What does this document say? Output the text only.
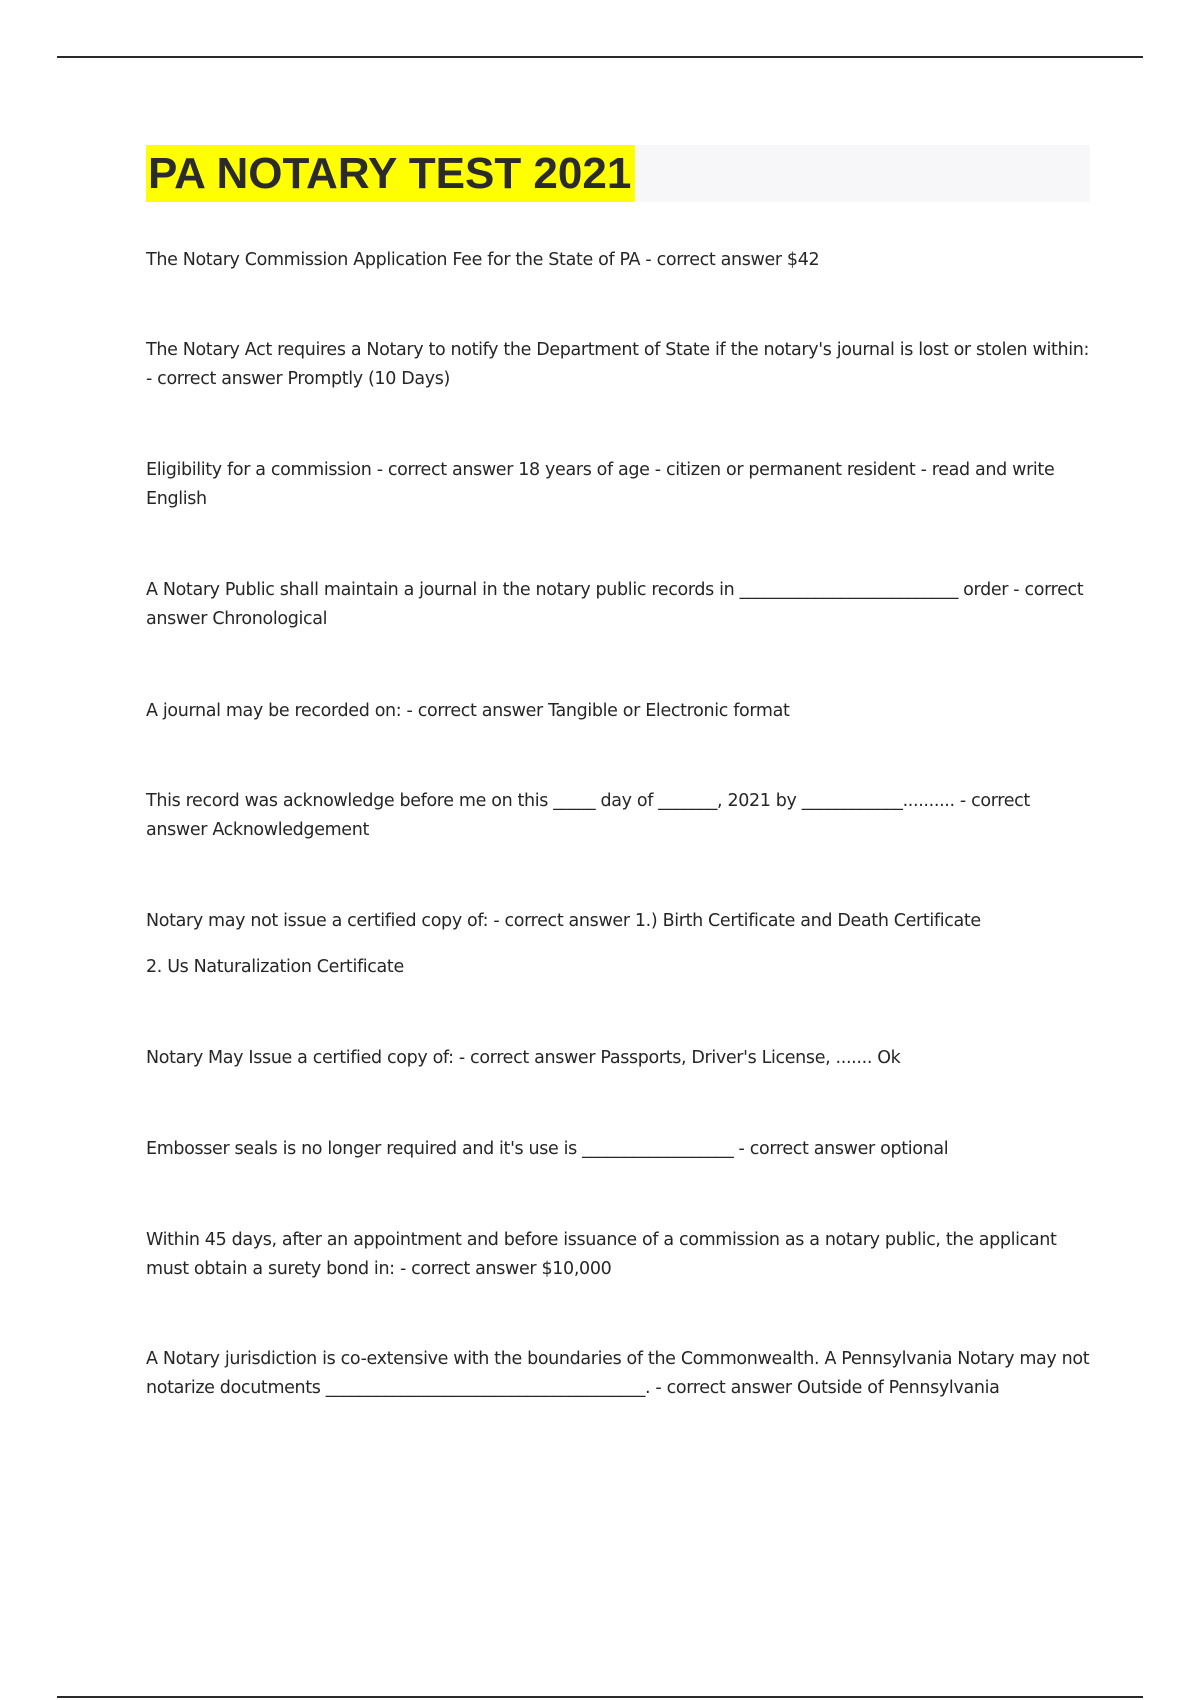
PA NOTARY TEST 2021

The Notary Commission Application Fee for the State of PA - correct answer $42

The Notary Act requires a Notary to notify the Department of State if the notary's journal is lost or stolen within: - correct answer Promptly (10 Days)

Eligibility for a commission - correct answer 18 years of age - citizen or permanent resident - read and write English

A Notary Public shall maintain a journal in the notary public records in __________________________ order - correct answer Chronological

A journal may be recorded on: - correct answer Tangible or Electronic format

This record was acknowledge before me on this _____ day of _______, 2021 by ____________.......... - correct answer Acknowledgement

Notary may not issue a certified copy of: - correct answer 1.) Birth Certificate and Death Certificate

2. Us Naturalization Certificate

Notary May Issue a certified copy of: - correct answer Passports, Driver's License, ....... Ok

Embosser seals is no longer required and it's use is __________________ - correct answer optional

Within 45 days, after an appointment and before issuance of a commission as a notary public, the applicant must obtain a surety bond in: - correct answer $10,000

A Notary jurisdiction is co-extensive with the boundaries of the Commonwealth. A Pennsylvania Notary may not notarize docutments ______________________________________. - correct answer Outside of Pennsylvania
